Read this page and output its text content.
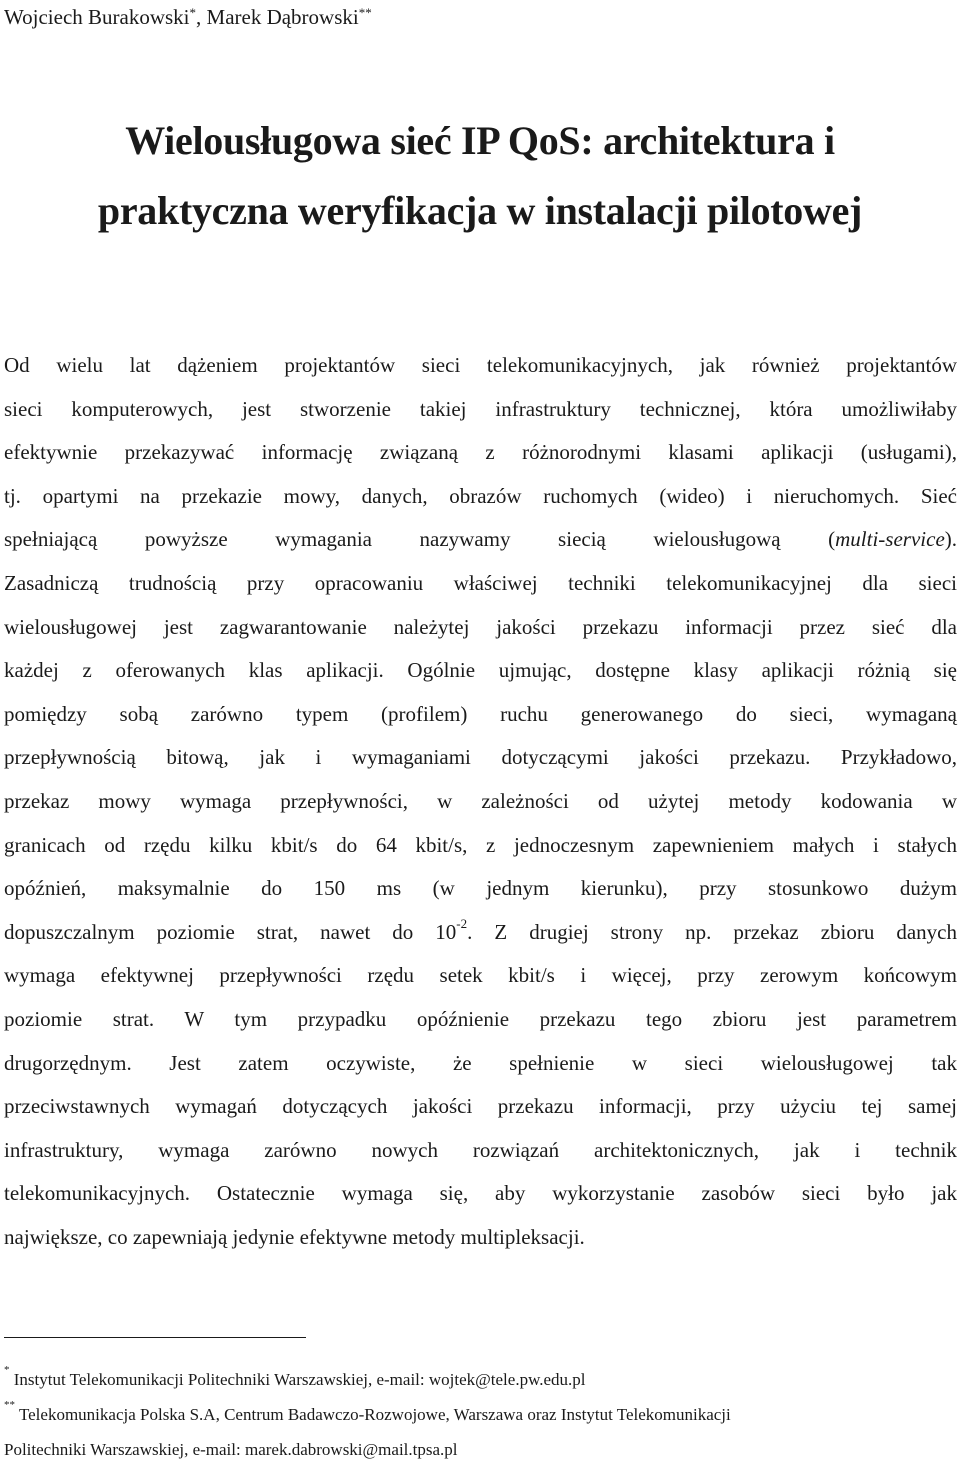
Wojciech Burakowski*, Marek Dąbrowski**
Wielousługowa sieć IP QoS: architektura i
praktyczna weryfikacja w instalacji pilotowej
Od wielu lat dążeniem projektantów sieci telekomunikacyjnych, jak również projektantów
sieci komputerowych, jest stworzenie takiej infrastruktury technicznej, która umożliwiłaby
efektywnie przekazywać informację związaną z różnorodnymi klasami aplikacji (usługami),
tj. opartymi na przekazie mowy, danych, obrazów ruchomych (wideo) i nieruchomych. Sieć
spełniającą powyższe wymagania nazywamy siecią wielousługową (multi-service).
Zasadniczą trudnością przy opracowaniu właściwej techniki telekomunikacyjnej dla sieci
wielousługowej jest zagwarantowanie należytej jakości przekazu informacji przez sieć dla
każdej z oferowanych klas aplikacji. Ogólnie ujmując, dostępne klasy aplikacji różnią się
pomiędzy sobą zarówno typem (profilem) ruchu generowanego do sieci, wymaganą
przepływnością bitową, jak i wymaganiami dotyczącymi jakości przekazu. Przykładowo,
przekaz mowy wymaga przepływności, w zależności od użytej metody kodowania w
granicach od rzędu kilku kbit/s do 64 kbit/s, z jednoczesnym zapewnieniem małych i stałych
opóźnień, maksymalnie do 150 ms (w jednym kierunku), przy stosunkowo dużym
dopuszczalnym poziomie strat, nawet do $10^{-2}$. Z drugiej strony np. przekaz zbioru danych
wymaga efektywnej przepływności rzędu setek kbit/s i więcej, przy zerowym końcowym
poziomie strat. W tym przypadku opóźnienie przekazu tego zbioru jest parametrem
drugorzędnym. Jest zatem oczywiste, że spełnienie w sieci wielousługowej tak
przeciwstawnych wymagań dotyczących jakości przekazu informacji, przy użyciu tej samej
infrastruktury, wymaga zarówno nowych rozwiązań architektonicznych, jak i technik
telekomunikacyjnych. Ostatecznie wymaga się, aby wykorzystanie zasobów sieci było jak
największe, co zapewniają jedynie efektywne metody multipleksacji.
* Instytut Telekomunikacji Politechniki Warszawskiej, e-mail: wojtek@tele.pw.edu.pl
** Telekomunikacja Polska S.A, Centrum Badawczo-Rozwojowe, Warszawa oraz Instytut Telekomunikacji
Politechniki Warszawskiej, e-mail: marek.dabrowski@mail.tpsa.pl
